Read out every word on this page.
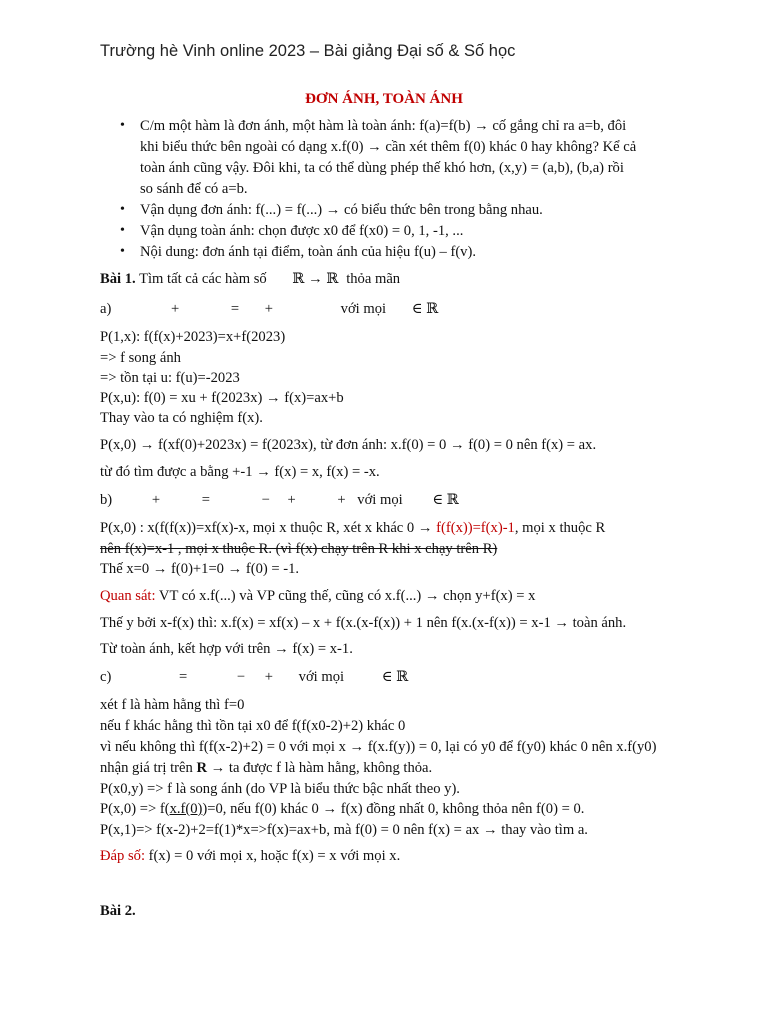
Trường hè Vinh online 2023 – Bài giảng Đại số & Số học
ĐƠN ÁNH, TOÀN ÁNH
• C/m một hàm là đơn ánh, một hàm là toàn ánh: f(a)=f(b) → cố gắng chỉ ra a=b, đôi
khi biểu thức bên ngoài có dạng x.f(0) → cần xét thêm f(0) khác 0 hay không? Kể cả
toàn ánh cũng vậy. Đôi khi, ta có thể dùng phép thế khó hơn, (x,y) = (a,b), (b,a) rồi
so sánh để có a=b.
• Vận dụng đơn ánh: f(...) = f(...) → có biểu thức bên trong bằng nhau.
• Vận dụng toàn ánh: chọn được x0 để f(x0) = 0, 1, -1, ...
• Nội dung: đơn ánh tại điểm, toàn ánh của hiệu f(u) – f(v).
Bài 1. Tìm tất cả các hàm số ℝ → ℝ thỏa mãn
a)	+	= +	với mọi ∈ ℝ
P(1,x): f(f(x)+2023)=x+f(2023)
=> f song ánh
=> tồn tại u: f(u)=-2023
P(x,u): f(0) = xu + f(2023x) → f(x)=ax+b
Thay vào ta có nghiệm f(x).
P(x,0) → f(xf(0)+2023x) = f(2023x), từ đơn ánh: x.f(0) = 0 → f(0) = 0 nên f(x) = ax.
từ đó tìm được a bằng +-1 → f(x) = x, f(x) = -x.
b)	+	=	− +	+ với mọi ∈ ℝ
P(x,0) : x(f(f(x))=xf(x)-x, mọi x thuộc R, xét x khác 0 → f(f(x))=f(x)-1, mọi x thuộc R
nên f(x)=x-1 , mọi x thuộc R. (vì f(x) chạy trên R khi x chạy trên R)
Thế x=0 → f(0)+1=0 → f(0) = -1.
Quan sát: VT có x.f(...) và VP cũng thế, cũng có x.f(...) → chọn y+f(x) = x
Thế y bởi x-f(x) thì: x.f(x) = xf(x) – x + f(x.(x-f(x)) + 1 nên f(x.(x-f(x)) = x-1 → toàn ánh.
Từ toàn ánh, kết hợp với trên → f(x) = x-1.
c)	=	− + với mọi	∈ ℝ
xét f là hàm hằng thì f=0
nếu f khác hằng thì tồn tại x0 để f(f(x0-2)+2) khác 0
vì nếu không thì f(f(x-2)+2) = 0 với mọi x → f(x.f(y)) = 0, lại có y0 để f(y0) khác 0 nên x.f(y0)
nhận giá trị trên R → ta được f là hàm hằng, không thỏa.
P(x0,y) => f là song ánh (do VP là biểu thức bậc nhất theo y).
P(x,0) => f(x.f(0))=0, nếu f(0) khác 0 → f(x) đồng nhất 0, không thỏa nên f(0) = 0.
P(x,1)=> f(x-2)+2=f(1)*x=>f(x)=ax+b, mà f(0) = 0 nên f(x) = ax → thay vào tìm a.
Đáp số: f(x) = 0 với mọi x, hoặc f(x) = x với mọi x.
Bài 2.
